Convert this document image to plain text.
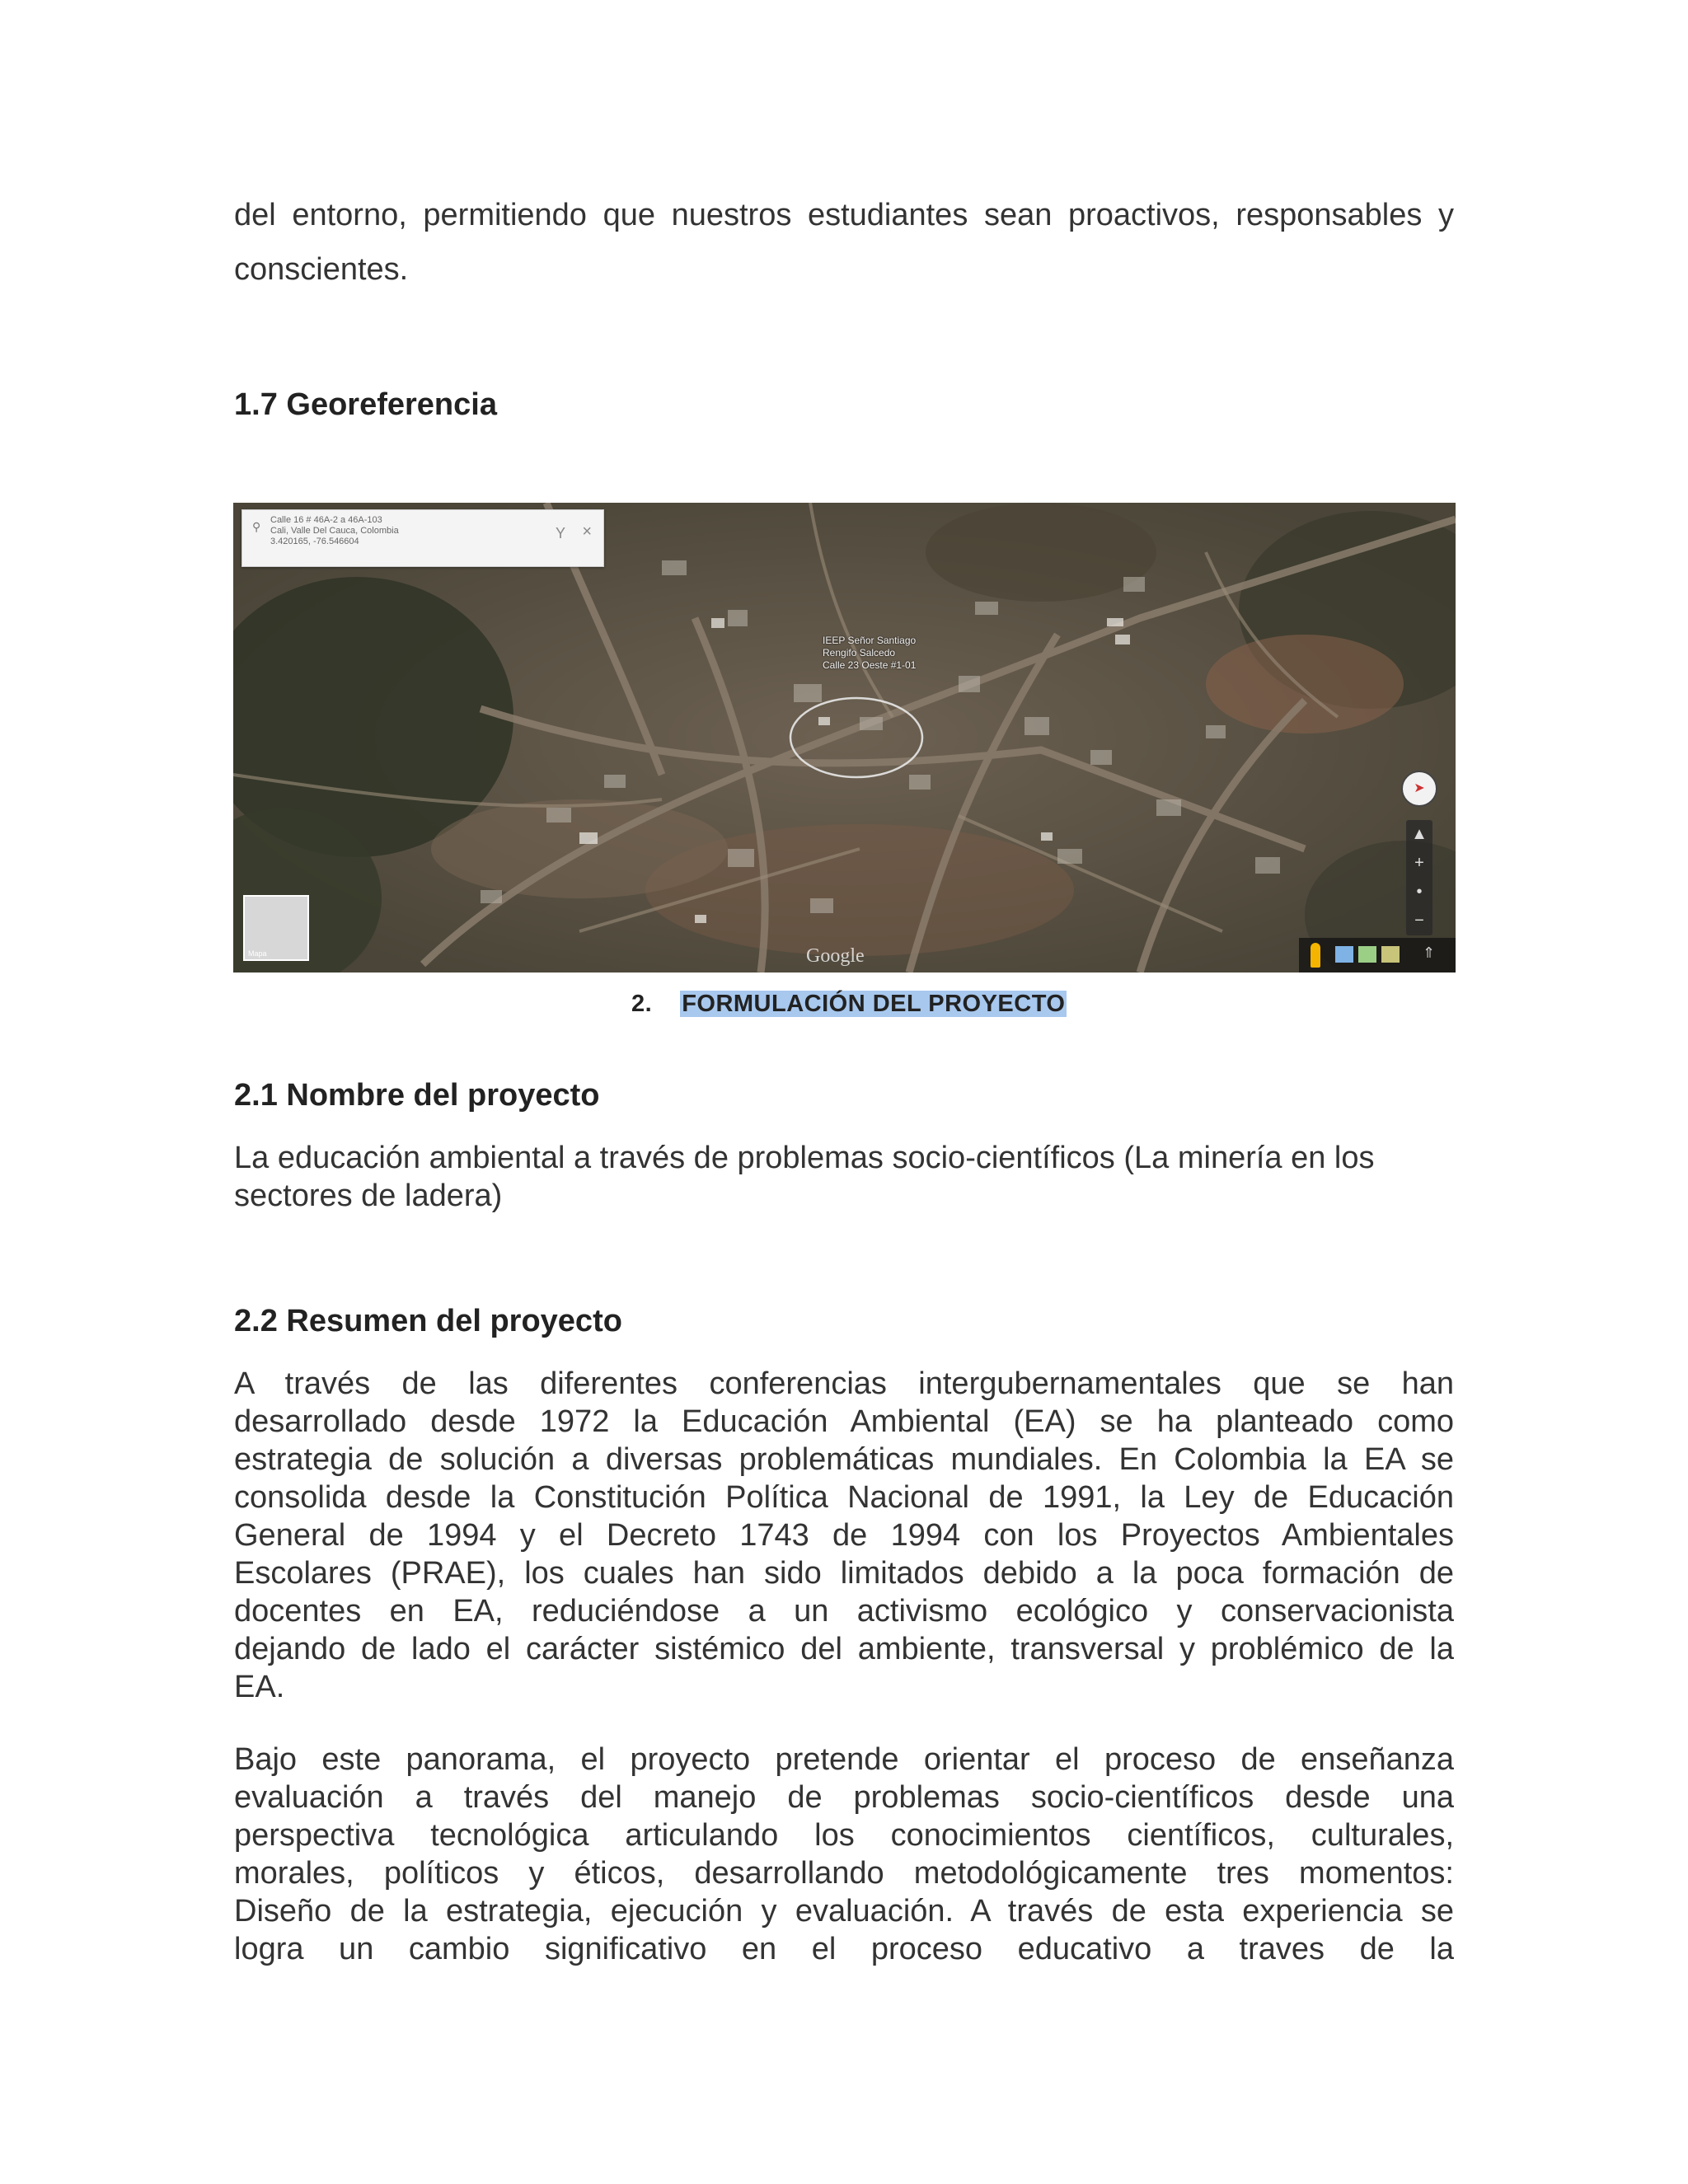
del entorno, permitiendo que nuestros estudiantes sean proactivos, responsables y
conscientes.
1.7 Georeferencia
⚲ Calle 16 # 46A-2 a 46A-103
Cali, Valle Del Cauca, Colombia
3.420165, -76.546604	Y ×
IEEP Señor Santiago
Rengifo Salcedo
Calle 23 Oeste #1-01
Mapa
➤
▲
+
•
−
⇑
Google
2. FORMULACIÓN DEL PROYECTO
2.1 Nombre del proyecto
La educación ambiental a través de problemas socio-científicos (La minería en los
sectores de ladera)
2.2 Resumen del proyecto
A través de las diferentes conferencias intergubernamentales que se han
desarrollado desde 1972 la Educación Ambiental (EA) se ha planteado como
estrategia de solución a diversas problemáticas mundiales. En Colombia la EA se
consolida desde la Constitución Política Nacional de 1991, la Ley de Educación
General de 1994 y el Decreto 1743 de 1994 con los Proyectos Ambientales
Escolares (PRAE), los cuales han sido limitados debido a la poca formación de
docentes en EA, reduciéndose a un activismo ecológico y conservacionista
dejando de lado el carácter sistémico del ambiente, transversal y problémico de la
EA.
Bajo este panorama, el proyecto pretende orientar el proceso de enseñanza
evaluación a través del manejo de problemas socio-científicos desde una
perspectiva tecnológica articulando los conocimientos científicos, culturales,
morales, políticos y éticos, desarrollando metodológicamente tres momentos:
Diseño de la estrategia, ejecución y evaluación. A través de esta experiencia se
logra un cambio significativo en el proceso educativo a traves de la
